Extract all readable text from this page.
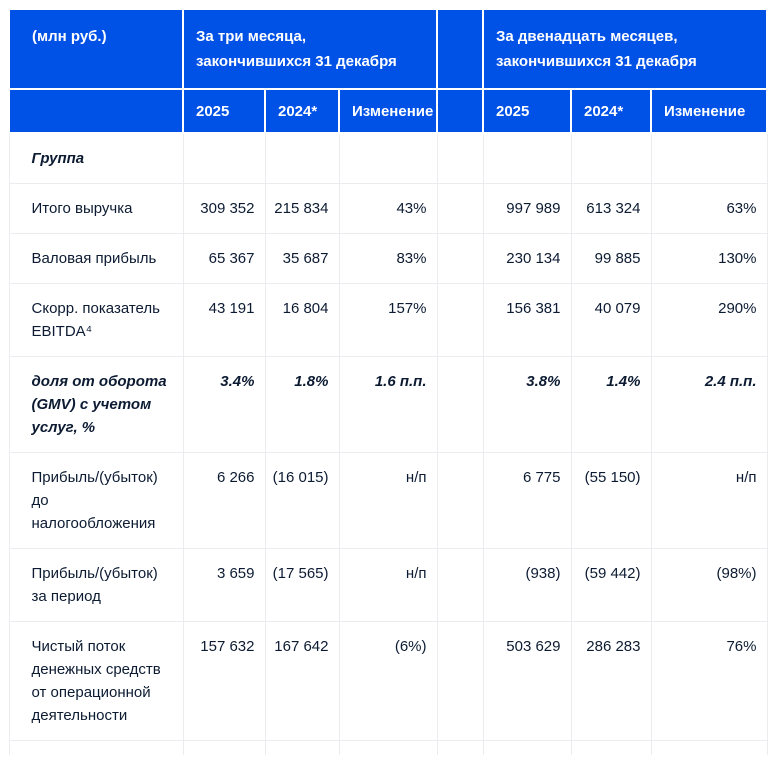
(млн руб.)	За три месяца, закончившихся 31 декабря				За двенадцать месяцев, закончившихся 31 декабря		
	2025	2024*	Изменение		2025	2024*	Изменение
Группа							
Итого выручка	309 352	215 834	43%		997 989	613 324	63%
Валовая прибыль	65 367	35 687	83%		230 134	99 885	130%
Скорр. показатель EBITDA⁴	43 191	16 804	157%		156 381	40 079	290%
доля от оборота (GMV) с учетом услуг, %	3.4%	1.8%	1.6 п.п.		3.8%	1.4%	2.4 п.п.
Прибыль/(убыток) до налогообложения	6 266	(16 015)	н/п		6 775	(55 150)	н/п
Прибыль/(убыток) за период	3 659	(17 565)	н/п		(938)	(59 442)	(98%)
Чистый поток денежных средств от операционной деятельности	157 632	167 642	(6%)		503 629	286 283	76%
